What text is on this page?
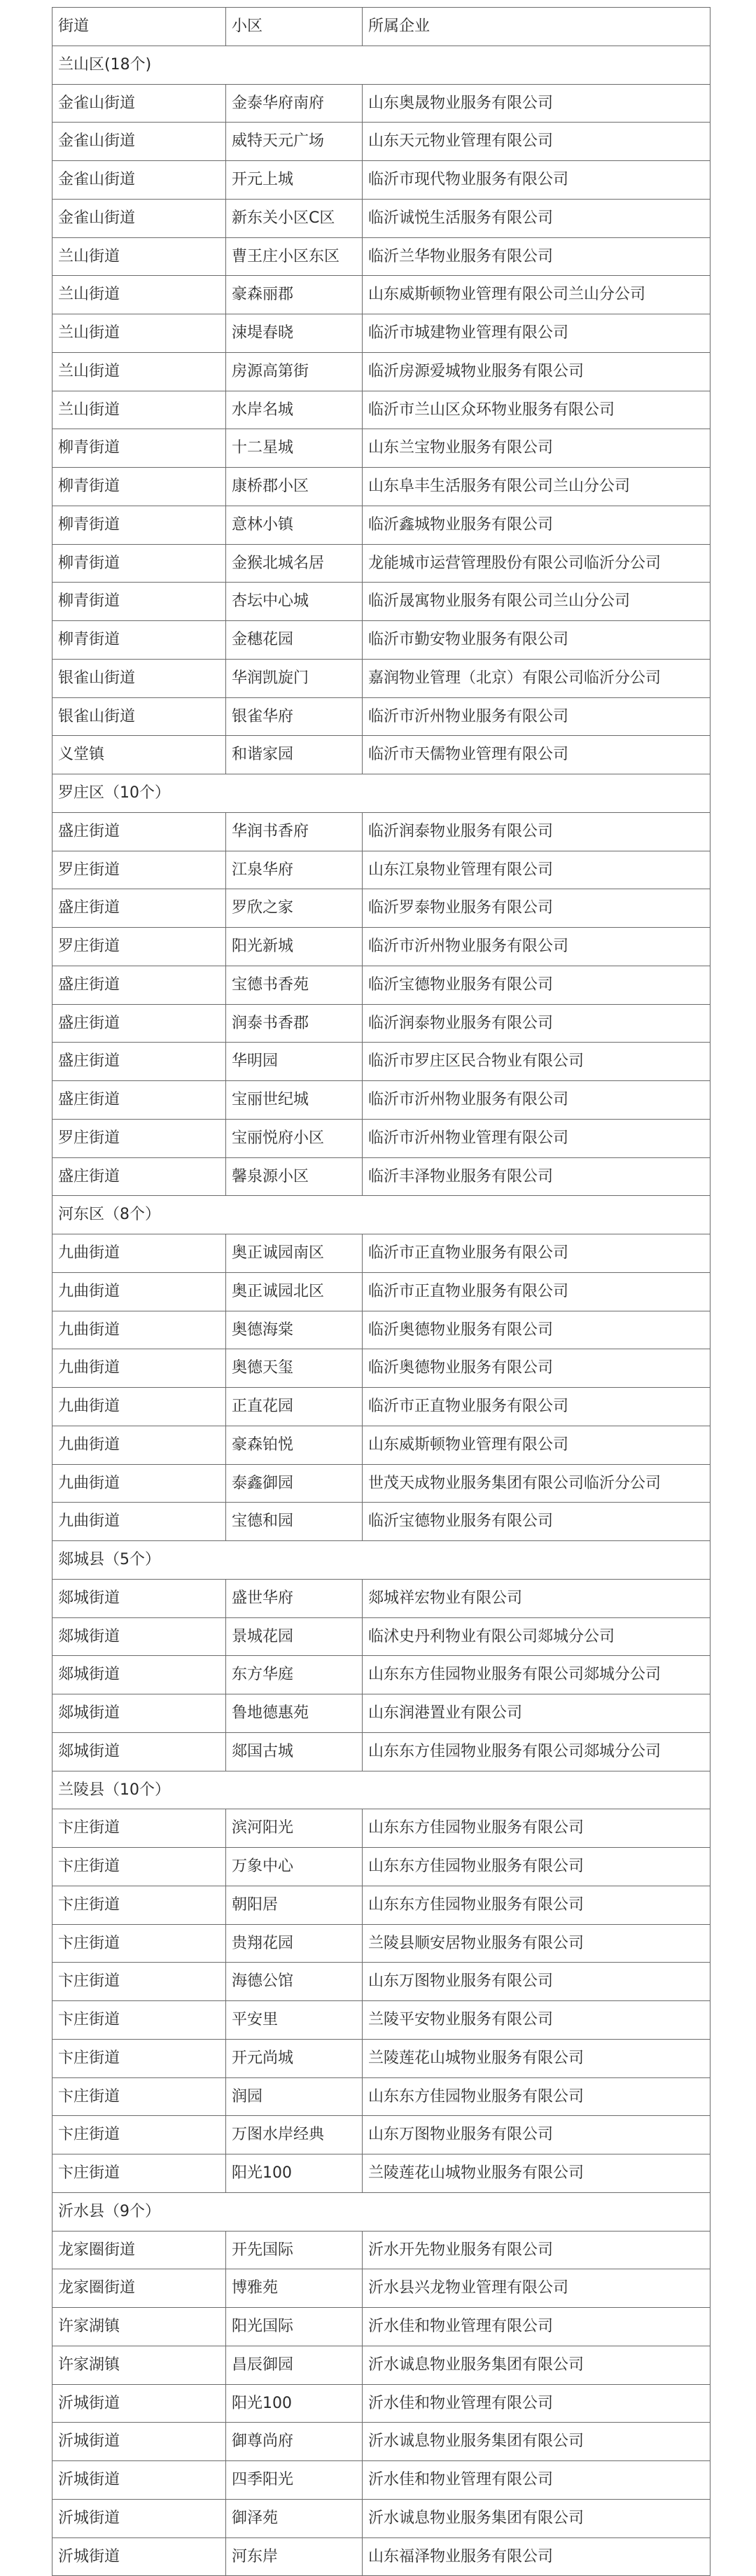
街道	小区	所属企业
兰山区(18个)
金雀山街道	金泰华府南府	山东奥晟物业服务有限公司
金雀山街道	威特天元广场	山东天元物业管理有限公司
金雀山街道	开元上城	临沂市现代物业服务有限公司
金雀山街道	新东关小区C区	临沂诚悦生活服务有限公司
兰山街道	曹王庄小区东区	临沂兰华物业服务有限公司
兰山街道	豪森丽郡	山东威斯顿物业管理有限公司兰山分公司
兰山街道	涑堤春晓	临沂市城建物业管理有限公司
兰山街道	房源高第街	临沂房源爱城物业服务有限公司
兰山街道	水岸名城	临沂市兰山区众环物业服务有限公司
柳青街道	十二星城	山东兰宝物业服务有限公司
柳青街道	康桥郡小区	山东阜丰生活服务有限公司兰山分公司
柳青街道	意林小镇	临沂鑫城物业服务有限公司
柳青街道	金猴北城名居	龙能城市运营管理股份有限公司临沂分公司
柳青街道	杏坛中心城	临沂晟寓物业服务有限公司兰山分公司
柳青街道	金穗花园	临沂市勤安物业服务有限公司
银雀山街道	华润凯旋门	嘉润物业管理（北京）有限公司临沂分公司
银雀山街道	银雀华府	临沂市沂州物业服务有限公司
义堂镇	和谐家园	临沂市天儒物业管理有限公司
罗庄区（10个）
盛庄街道	华润书香府	临沂润泰物业服务有限公司
罗庄街道	江泉华府	山东江泉物业管理有限公司
盛庄街道	罗欣之家	临沂罗泰物业服务有限公司
罗庄街道	阳光新城	临沂市沂州物业服务有限公司
盛庄街道	宝德书香苑	临沂宝德物业服务有限公司
盛庄街道	润泰书香郡	临沂润泰物业服务有限公司
盛庄街道	华明园	临沂市罗庄区民合物业有限公司
盛庄街道	宝丽世纪城	临沂市沂州物业服务有限公司
罗庄街道	宝丽悦府小区	临沂市沂州物业管理有限公司
盛庄街道	馨泉源小区	临沂丰泽物业服务有限公司
河东区（8个）
九曲街道	奥正诚园南区	临沂市正直物业服务有限公司
九曲街道	奥正诚园北区	临沂市正直物业服务有限公司
九曲街道	奥德海棠	临沂奥德物业服务有限公司
九曲街道	奥德天玺	临沂奥德物业服务有限公司
九曲街道	正直花园	临沂市正直物业服务有限公司
九曲街道	豪森铂悦	山东威斯顿物业管理有限公司
九曲街道	泰鑫御园	世茂天成物业服务集团有限公司临沂分公司
九曲街道	宝德和园	临沂宝德物业服务有限公司
郯城县（5个）
郯城街道	盛世华府	郯城祥宏物业有限公司
郯城街道	景城花园	临沭史丹利物业有限公司郯城分公司
郯城街道	东方华庭	山东东方佳园物业服务有限公司郯城分公司
郯城街道	鲁地德惠苑	山东润港置业有限公司
郯城街道	郯国古城	山东东方佳园物业服务有限公司郯城分公司
兰陵县（10个）
卞庄街道	滨河阳光	山东东方佳园物业服务有限公司
卞庄街道	万象中心	山东东方佳园物业服务有限公司
卞庄街道	朝阳居	山东东方佳园物业服务有限公司
卞庄街道	贵翔花园	兰陵县顺安居物业服务有限公司
卞庄街道	海德公馆	山东万图物业服务有限公司
卞庄街道	平安里	兰陵平安物业服务有限公司
卞庄街道	开元尚城	兰陵莲花山城物业服务有限公司
卞庄街道	润园	山东东方佳园物业服务有限公司
卞庄街道	万图水岸经典	山东万图物业服务有限公司
卞庄街道	阳光100	兰陵莲花山城物业服务有限公司
沂水县（9个）
龙家圈街道	开先国际	沂水开先物业服务有限公司
龙家圈街道	博雅苑	沂水县兴龙物业管理有限公司
许家湖镇	阳光国际	沂水佳和物业管理有限公司
许家湖镇	昌辰御园	沂水诚息物业服务集团有限公司
沂城街道	阳光100	沂水佳和物业管理有限公司
沂城街道	御尊尚府	沂水诚息物业服务集团有限公司
沂城街道	四季阳光	沂水佳和物业管理有限公司
沂城街道	御泽苑	沂水诚息物业服务集团有限公司
沂城街道	河东岸	山东福泽物业服务有限公司
